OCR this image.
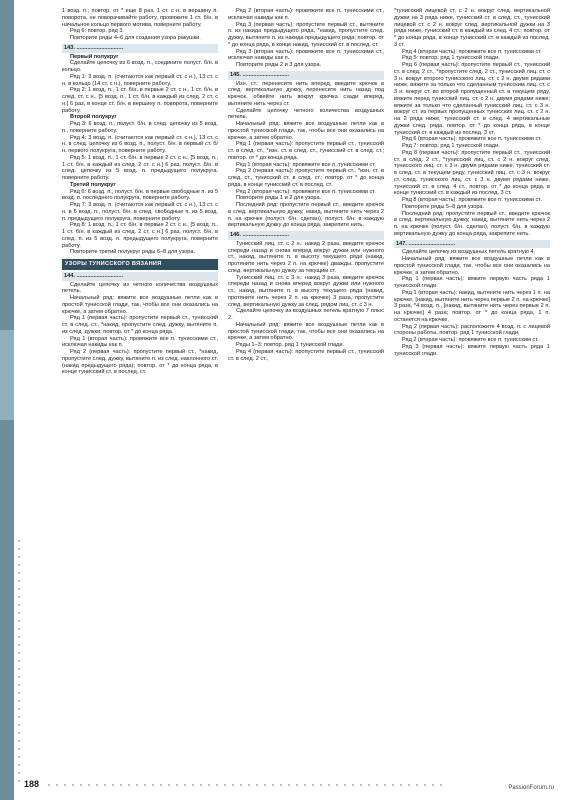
1 возд. п.; повтор. от * еще 8 раз, 1 ст. с н. в вершину п. поворота, не поворачивайте работу, провяжите 1 ст. б/н. в начальное кольцо первого мотива, поверните работу.

Ряд 6: повтор. ряд 3.

Повторите ряды 4–6 для создания узора ракушки.

143. ..............................

Первый полукруг

Сделайте цепочку из 6 возд. п., соедините полуст. б/н. в кольцо.

Ряд 1: 3 возд. п. (считаются как первый ст. с н.), 13 ст. с н. в кольцо (14 ст. с н.), поверните работу.

Ряд 2: 1 возд. п., 1 ст. б/н. в первые 2 ст. с н., 1 ст. б/н. в след. ст. с н., [5 возд. п., 1 ст. б/н. в каждый из след. 2 ст. с н.] 6 раз, в конце ст. б/н. в вершину п. поворота, поверните работу.

Второй полукруг

Ряд 3: 6 возд. п., полуст. б/н. в след. цепочку из 5 возд. п., поверните работу.

Ряд 4: 3 возд. п. (считаются как первый ст. с н.), 13 ст. с н. в след. цепочку из 6 возд. п., полуст. б/н. в первый ст. б/н. первого полукруга, поверните работу.

Ряд 5: 1 возд. п., 1 ст. б/н. в первые 2 ст. с н., [5 возд. п., 1 ст. б/н. в каждый из след. 2 ст. с н.] 6 раз, полуст. б/н. в след. цепочку из 5 возд. п. предыдущего полукруга, поверните работу.

Третий полукруг

Ряд 6: 6 возд. п., полуст. б/н. в первые свободные п. из 5 возд. п. последнего полукруга, поверните работу.

Ряд 7: 3 возд. п. (считаются как первый ст. с н.), 13 ст. с н. в 6 возд. п., полуст. б/н. в след. свободные п. из 5 возд. п. предыдущего полукруга, поверните работу.

Ряд 8: 1 возд. п., 1 ст. б/н. в первые 2 ст. с н., [5 возд. п., 1 ст. б/н. в каждый из след. 2 ст. с н.] 6 раз, полуст. б/н. в след. п. из 5 возд. п. предыдущего полукруга, поверните работу.

Повторите третий полукруг ряды 6–8 для узора.

УЗОРЫ ТУНИССКОГО ВЯЗАНИЯ
144. ..............................

Сделайте цепочку из четного количества воздушных петель.

Начальный ряд: вяжите все воздушные петли как в простой тунисской глади, так, чтобы все они оказались на крючке, а затем обратно.

Ряд 1 (первая часть): пропустите первый ст., тунисский ст. в след. ст., *накид, пропустите след. дужку, вытяните п. из след. дужки; повтор. от * до конца ряда.

Ряд 1 (вторая часть): провяжите все п. тунисскими ст., исключая накиды как п.

Ряд 2 (первая часть): пропустите первый ст., *накид, пропустите след. дужку, вытяните п. из след. наклонного ст. (накид предыдущего ряда); повтор. от * до конца ряда, в конце тунисский ст. в послед. ст.

Ряд 2 (вторая часть): провяжите все п. тунисскими ст., исключая накиды как п.

Ряд 3 (первая часть): пропустите первый ст., вытяните п. из накида предыдущего ряда, *накид, пропустите след. дужку, вытяните п. из накида предыдущего ряда; повтор. от * до конца ряда, в конце накид, тунисский ст. в послед. ст.

Ряд 3 (вторая часть): провяжите все п. тунисскими ст., исключая накиды как п.

Повторите ряды 2 и 3 для узора.

145. ..............................

Изн. ст.: перенесите нить вперед, введите крючок в след. вертикальную дужку, перенесите нить назад под крючок, обвейте нить вокруг крючка сзади вперед, вытяните нить через ст.

Сделайте цепочку четного количества воздушных петель.

Начальный ряд: вяжите все воздушные петли как в простой тунисской глади, так, чтобы все они оказались на крючке, а затем обратно.

Ряд 1 (первая часть): пропустите первый ст., тунисский ст. в след. ст., *изн. ст. в след. ст., тунисский ст. в след. ст.; повтор. от * до конца ряда.

Ряд 1 (вторая часть): провяжите все п. тунисскими ст.

Ряд 2 (первая часть): пропустите первый ст., *изн. ст. в след. ст., тунисский ст. в след. ст.; повтор. от * до конца ряда, в конце тунисский ст. в послед. ст.

Ряд 2 (вторая часть): провяжите все п. тунисскими ст.

Повторите ряды 1 и 2 для узора.

Последний ряд: пропустите первый ст., введите крючок в след. вертикальную дужку, накид, вытяните нить через 2 п. на крючке (полуст. б/н. сделан), полуст. б/н. в каждую вертикальную дужку до конца ряда, закрепите нить.

146. ..............................

Тунисский лиц. ст. с 2 н.: накид 2 раза, введите крючок спереди назад и снова вперед вокруг дужки или нужного ст., накид, вытяните п. в высоту текущего ряда (накид, протяните нить через 2 п. на крючке) дважды, пропустите след. вертикальную дужку за текущим ст.

Тунисский лиц. ст. с 3 н.: накид 3 раза, введите крючок спереди назад и снова вперед вокруг дужки или нужного ст., накид, вытяните п. в высоту текущего ряда (накид, протяните нить через 2 п. на крючке) 3 раза, пропустите след. вертикальную дужку за след. рядом лиц. ст. с 3 н.

Сделайте цепочку из воздушных петель кратную 7 плюс 2.

Начальный ряд: вяжите все воздушные петли как в простой тунисской глади, так, чтобы все они оказались на крючке, а затем обратно.

Ряды 1–3: повтор. ряд 1 тунисской глади.

Ряд 4 (первая часть): пропустите первый ст., тунисский ст. в след. 2 ст.,

*тунисский лицевой ст. с 2 н. вокруг след. вертикальной дужки на 3 ряда ниже, тунисский ст. в след. ст., тунисский лицевой ст. с 2 н. вокруг след. вертикальной дужки на 3 ряда ниже, тунисский ст. в каждый из след. 4 ст.; повтор. от * до конца ряда, в конце тунисский ст. в каждый из послед. 3 ст.

Ряд 4 (вторая часть): провяжите все п. тунисскими ст.

Ряд 5: повтор. ряд 1 тунисской глади.

Ряд 6 (первая часть): пропустите первый ст., тунисский ст. в след. 2 ст., *пропустите след. 2 ст., тунисский лиц. ст. с 3 н. вокруг второго тунисского лиц. ст. с 2 н. двумя рядами ниже, вяжите за только что сделанным тунисским лиц. ст. с 3 н. вокруг ст. во второй пропущенный ст. в текущем ряду, вяжите перед тунисский лиц. ст. с 2 н. двумя рядами ниже; вяжите за только что сделанный тунисский лиц. ст. с 3 н. вокруг ст. из первых пропущенных тунисских лиц. ст. с 2 н. на 2 ряда ниже, тунисский ст. в след. 4 вертикальные дужки след. ряда, повтор. от * до конца ряда, в конце тунисский ст. в каждый из послед. 3 ст.

Ряд 6 (вторая часть): провяжите все п. тунисскими ст.

Ряд 7: повтор. ряд 1 тунисской глади.

Ряд 8 (первая часть): пропустите первый ст., тунисский ст. в след. 2 ст., *тунисский лиц. ст. с 2 н. вокруг след. тунисского лиц. ст. с 3 н. двумя рядами ниже, тунисский ст. в след. ст. в текущем ряду, тунисский лиц. ст. с 3 н. вокруг ст. след. тунисского лиц. ст. с 3 н. двумя рядами ниже, тунисский ст. в след. 4 ст., повтор. от * до конца ряда, в конце тунисский ст. в каждый из послед. 3 ст.

Ряд 8 (вторая часть): провяжите все п. тунисскими ст.

Повторите ряды 5–8 для узора.

Последний ряд: пропустите первый ст., введите крючок в след. вертикальную дужку, накид, вытяните нить через 2 п. на крючке (полуст. б/н. сделан), полуст. б/н. в каждую вертикальную дужку до конца ряда, закрепите нить.

147. ..............................

Сделайте цепочку из воздушных петель кратную 4.

Начальный ряд: вяжите все воздушные петли как в простой тунисской глади, так, чтобы все они оказались на крючке, а затем обратно.

Ряд 1 (первая часть): вяжите первую часть ряда 1 тунисской глади.

Ряд 1 (вторая часть): накид, вытяните нить через 1 п. на крючке, [накид, вытяните нить через первые 2 п. на крючке] 3 раза, *4 возд. п., [накид, вытяните нить через первые 2 п. на крючке] 4 раза; повтор. от * до конца ряда, 1 п. останется на крючке.

Ряд 2 (первая часть): расположите 4 возд. п. с лицевой стороны работы, повтор. ряд 1 тунисской глади.

Ряд 2 (вторая часть): провяжите все п. тунисским ст.

Ряд 3 (первая часть): вяжите первую часть ряда 1 тунисской глади.

188	PassionForum.ru
